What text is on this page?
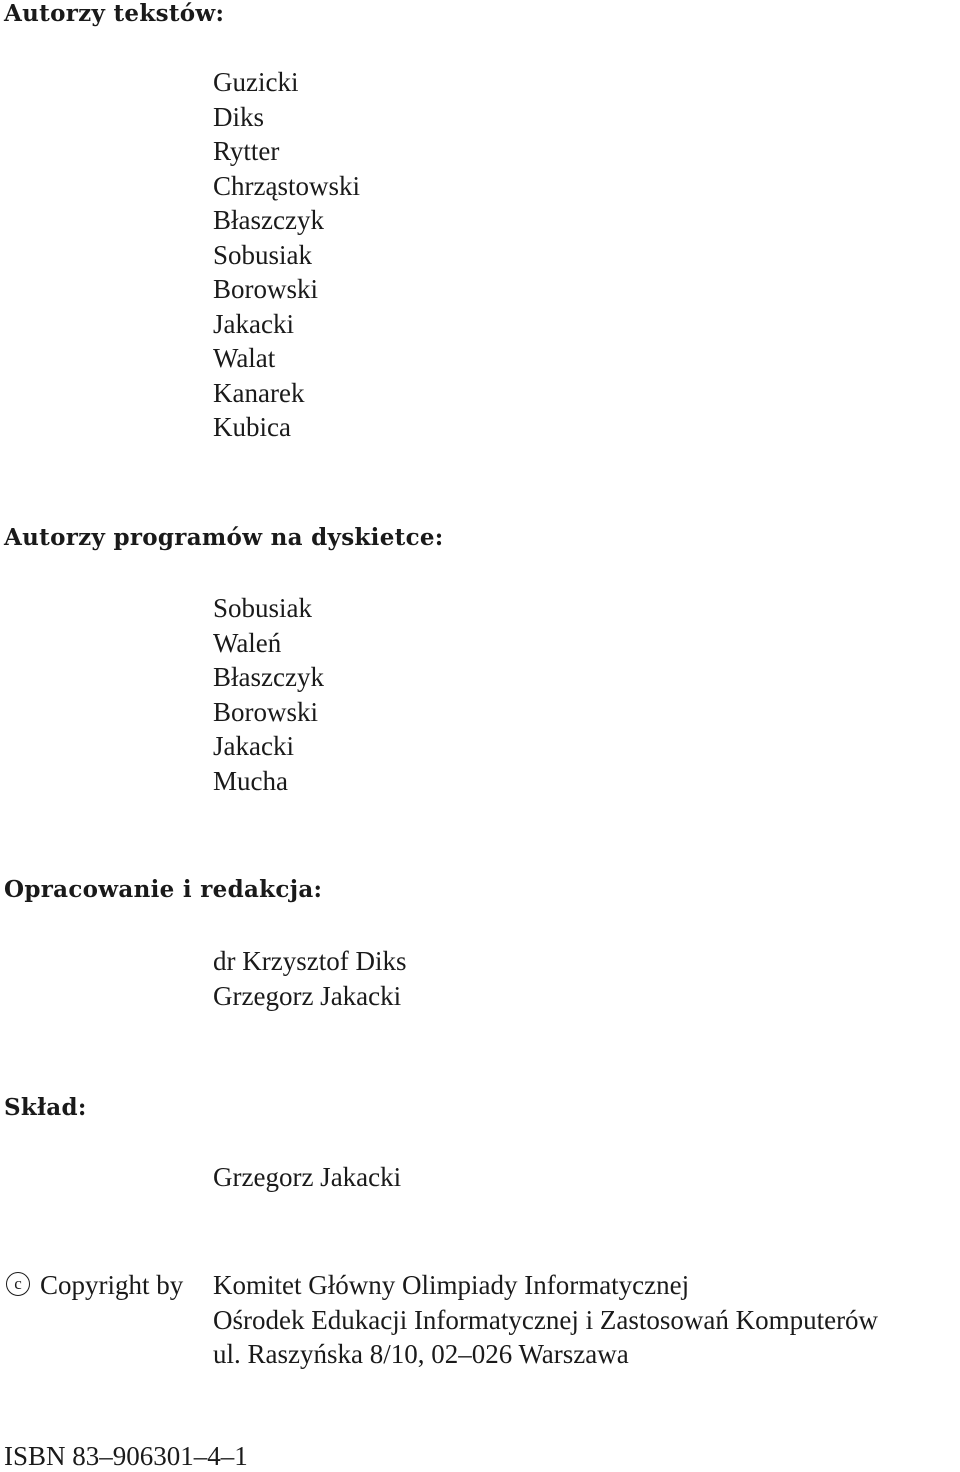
Autorzy tekstów:
Guzicki
Diks
Rytter
Chrząstowski
Błaszczyk
Sobusiak
Borowski
Jakacki
Walat
Kanarek
Kubica
Autorzy programów na dyskietce:
Sobusiak
Waleń
Błaszczyk
Borowski
Jakacki
Mucha
Opracowanie i redakcja:
dr Krzysztof Diks
Grzegorz Jakacki
Skład:
Grzegorz Jakacki
c Copyright by Komitet Główny Olimpiady Informatycznej
Ośrodek Edukacji Informatycznej i Zastosowań Komputerów
ul. Raszyńska 8/10, 02–026 Warszawa

ISBN 83–906301–4–1
